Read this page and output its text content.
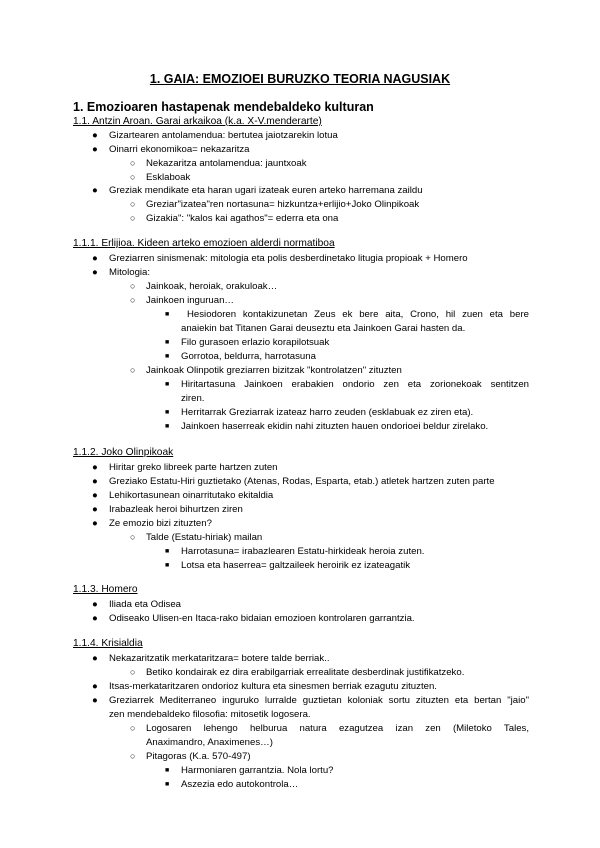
1. GAIA: EMOZIOEI BURUZKO TEORIA NAGUSIAK
1. Emozioaren hastapenak mendebaldeko kulturan
1.1. Antzin Aroan. Garai arkaikoa (k.a. X-V.menderarte)
● Gizartearen antolamendua: bertutea jaiotzarekin lotua
● Oinarri ekonomikoa= nekazaritza
○ Nekazaritza antolamendua: jauntxoak
○ Esklaboak
● Greziak mendikate eta haran ugari izateak euren arteko harremana zaildu
○ Greziar"izatea"ren nortasuna= hizkuntza+erlijio+Joko Olinpikoak
○ Gizakia": "kalos kai agathos"= ederra eta ona
1.1.1. Erlijioa. Kideen arteko emozioen alderdi normatiboa
● Greziarren sinismenak: mitologia eta polis desberdinetako litugia propioak + Homero
● Mitologia:
○ Jainkoak, heroiak, orakuloak…
○ Jainkoen inguruan…
■	Hesiodoren kontakizunetan Zeus ek bere aita, Crono, hil zuen eta bere
anaiekin bat Titanen Garai deuseztu eta Jainkoen Garai hasten da.
■ Filo gurasoen erlazio korapilotsuak
■ Gorrotoa, beldurra, harrotasuna
○ Jainkoak Olinpotik greziarren bizitzak "kontrolatzen" zituzten
■ Hiritartasuna Jainkoen erabakien ondorio zen eta zorionekoak sentitzen
ziren.
■ Herritarrak Greziarrak izateaz harro zeuden (esklabuak ez ziren eta).
■ Jainkoen haserreak ekidin nahi zituzten hauen ondorioei beldur zirelako.
1.1.2. Joko Olinpikoak
● Hiritar greko libreek parte hartzen zuten
● Greziako Estatu-Hiri guztietako (Atenas, Rodas, Esparta, etab.) atletek hartzen zuten parte
● Lehikortasunean oinarritutako ekitaldia
● Irabazleak heroi bihurtzen ziren
● Ze emozio bizi zituzten?
○ Talde (Estatu-hiriak) mailan
■ Harrotasuna= irabazlearen Estatu-hirkideak heroia zuten.
■ Lotsa eta haserrea= galtzaileek heroirik ez izateagatik
1.1.3. Homero
● Iliada eta Odisea
● Odiseako Ulisen-en Itaca-rako bidaian emozioen kontrolaren garrantzia.
1.1.4. Krisialdia
● Nekazaritzatik merkataritzara= botere talde berriak..
○ Betiko kondairak ez dira erabilgarriak errealitate desberdinak justifikatzeko.
● Itsas-merkataritzaren ondorioz kultura eta sinesmen berriak ezagutu zituzten.
● Greziarrek Mediterraneo inguruko lurralde guztietan koloniak sortu zituzten eta bertan "jaio"
zen mendebaldeko filosofia: mitosetik logosera.
○ Logosaren lehengo helburua natura ezagutzea izan zen (Miletoko Tales,
Anaximandro, Anaximenes…)
○ Pitagoras (K.a. 570-497)
■ Harmoniaren garrantzia. Nola lortu?
■ Aszezia edo autokontrola…
